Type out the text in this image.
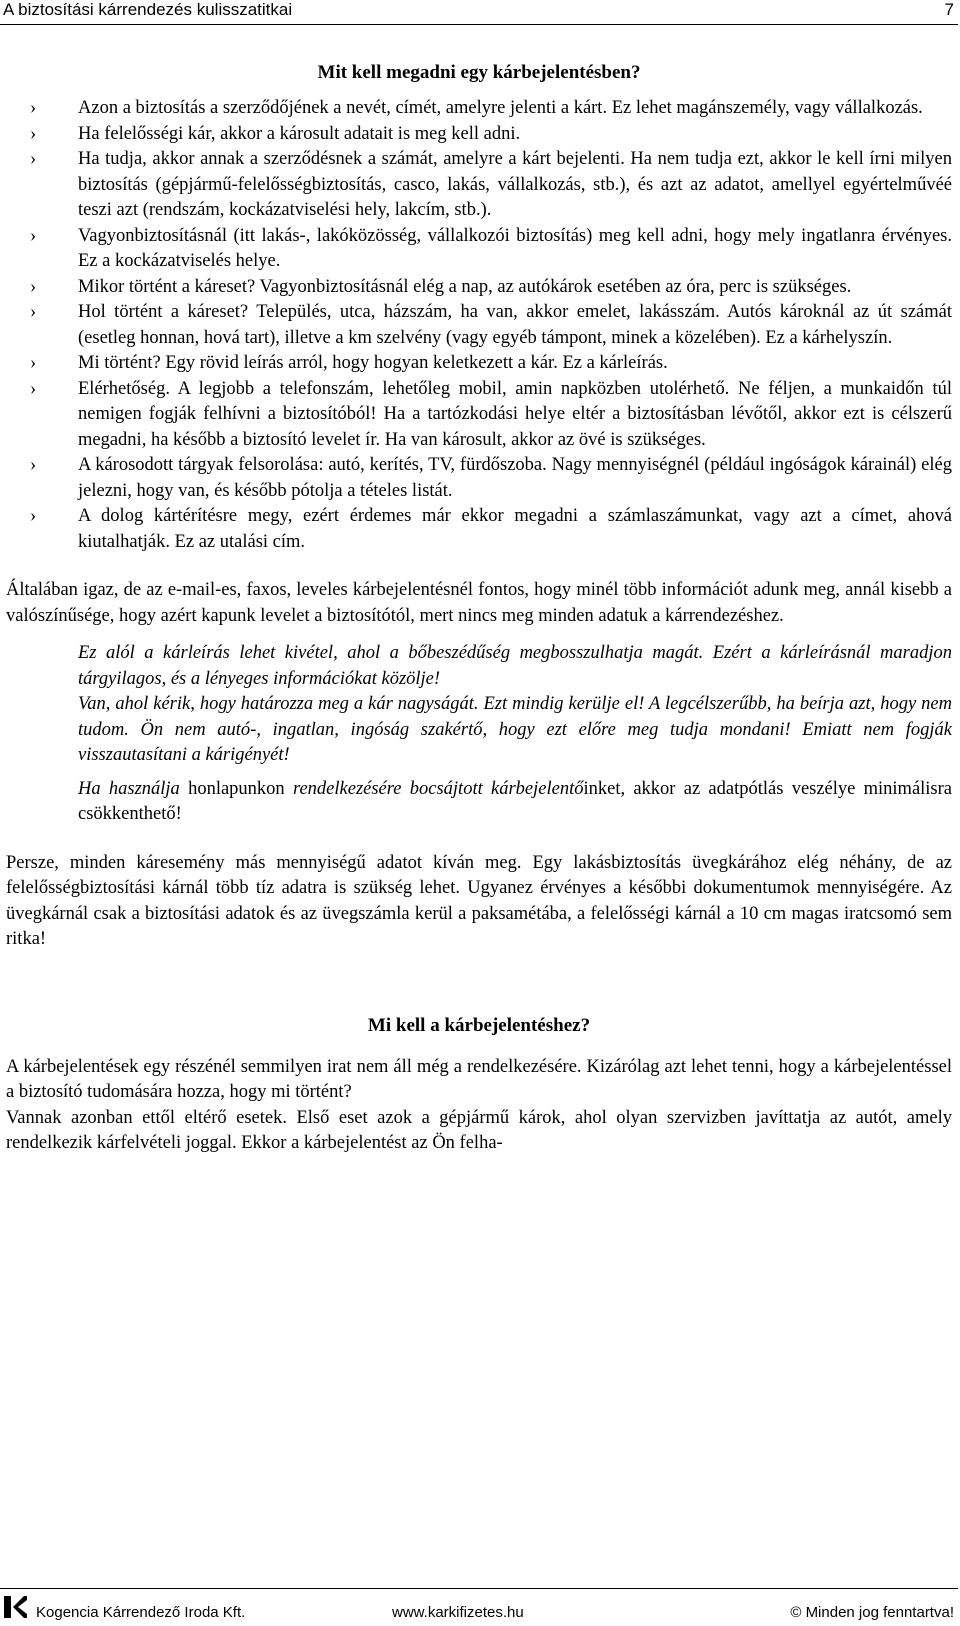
A biztosítási kárrendezés kulisszatitkai	7
Mit kell megadni egy kárbejelentésben?
› Azon a biztosítás a szerződőjének a nevét, címét, amelyre jelenti a kárt. Ez lehet magánszemély, vagy vállalkozás.
› Ha felelősségi kár, akkor a károsult adatait is meg kell adni.
› Ha tudja, akkor annak a szerződésnek a számát, amelyre a kárt bejelenti. Ha nem tudja ezt, akkor le kell írni milyen biztosítás (gépjármű-felelősségbiztosítás, casco, lakás, vállalkozás, stb.), és azt az adatot, amellyel egyértelművéé teszi azt (rendszám, kockázatviselési hely, lakcím, stb.).
› Vagyonbiztosításnál (itt lakás-, lakóközösség, vállalkozói biztosítás) meg kell adni, hogy mely ingatlanra érvényes. Ez a kockázatviselés helye.
› Mikor történt a káreset? Vagyonbiztosításnál elég a nap, az autókárok esetében az óra, perc is szükséges.
› Hol történt a káreset? Település, utca, házszám, ha van, akkor emelet, lakásszám. Autós károknál az út számát (esetleg honnan, hová tart), illetve a km szelvény (vagy egyéb támpont, minek a közelében). Ez a kárhelyszín.
› Mi történt? Egy rövid leírás arról, hogy hogyan keletkezett a kár. Ez a kárleírás.
› Elérhetőség. A legjobb a telefonszám, lehetőleg mobil, amin napközben utolérhető. Ne féljen, a munkaidőn túl nemigen fogják felhívni a biztosítóból! Ha a tartózkodási helye eltér a biztosításban lévőtől, akkor ezt is célszerű megadni, ha később a biztosító levelet ír. Ha van károsult, akkor az övé is szükséges.
› A károsodott tárgyak felsorolása: autó, kerítés, TV, fürdőszoba. Nagy mennyiségnél (például ingóságok kárainál) elég jelezni, hogy van, és később pótolja a tételes listát.
› A dolog kártérítésre megy, ezért érdemes már ekkor megadni a számlaszámunkat, vagy azt a címet, ahová kiutalhatják. Ez az utalási cím.

Általában igaz, de az e-mail-es, faxos, leveles kárbejelentésnél fontos, hogy minél több információt adunk meg, annál kisebb a valószínűsége, hogy azért kapunk levelet a biztosítótól, mert nincs meg minden adatuk a kárrendezéshez.

Ez alól a kárleírás lehet kivétel, ahol a bőbeszédűség megbosszulhatja magát. Ezért a kárleírásnál maradjon tárgyilagos, és a lényeges információkat közölje!

Van, ahol kérik, hogy határozza meg a kár nagyságát. Ezt mindig kerülje el! A legcélszerűbb, ha beírja azt, hogy nem tudom. Ön nem autó-, ingatlan, ingóság szakértő, hogy ezt előre meg tudja mondani! Emiatt nem fogják visszautasítani a kárigényét!

Ha használja honlapunkon rendelkezésére bocsájtott kárbejelentőinket, akkor az adatpótlás veszélye minimálisra csökkenthető!

Persze, minden káresemény más mennyiségű adatot kíván meg. Egy lakásbiztosítás üvegkárához elég néhány, de az felelősségbiztosítási kárnál több tíz adatra is szükség lehet. Ugyanez érvényes a későbbi dokumentumok mennyiségére. Az üvegkárnál csak a biztosítási adatok és az üvegszámla kerül a paksamétába, a felelősségi kárnál a 10 cm magas iratcsomó sem ritka!

Mi kell a kárbejelentéshez?

A kárbejelentések egy részénél semmilyen irat nem áll még a rendelkezésére. Kizárólag azt lehet tenni, hogy a kárbejelentéssel a biztosító tudomására hozza, hogy mi történt?

Vannak azonban ettől eltérő esetek. Első eset azok a gépjármű károk, ahol olyan szervizben javíttatja az autót, amely rendelkezik kárfelvételi joggal. Ekkor a kárbejelentést az Ön felha-

Kogencia Kárrendező Iroda Kft.	www.karkifizetes.hu	© Minden jog fenntartva!
